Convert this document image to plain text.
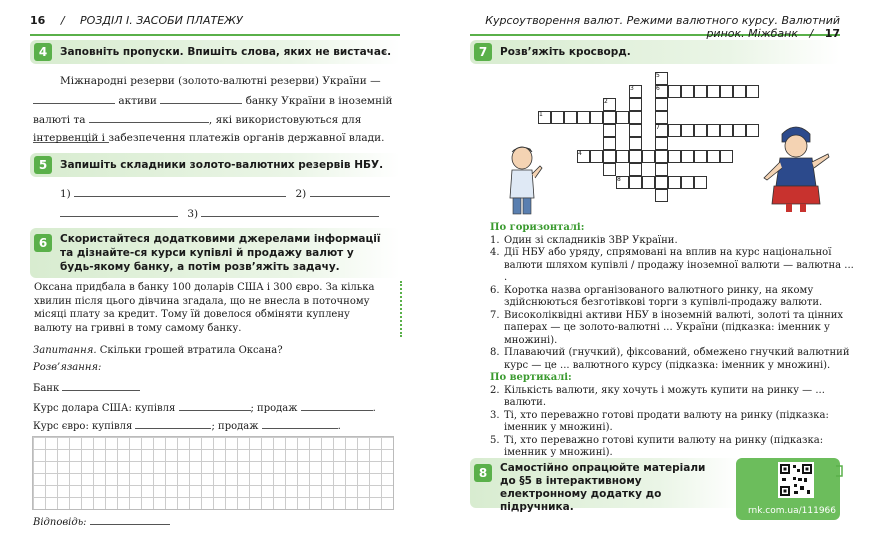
16 / РОЗДІЛ І. ЗАСОБИ ПЛАТЕЖУ
4	Заповніть пропуски. Впишіть слова, яких не вистачає.
Міжнародні резерви (золото-валютні резерви) України —
активи	банку України в іноземній
валюті та	, які використовуються для
інтервенцій і забезпечення платежів органів державної влади.
5	Запишіть складники золото-валютних резервів НБУ.
1)	2)
3)
6	Скористайтеся додатковими джерелами інформації та дізнайте-ся курси купівлі й продажу валют у будь-якому банку, а потім розв’яжіть задачу.
Оксана придбала в банку 100 доларів США і 300 євро. За кілька хвилин після цього дівчина згадала, що не внесла в поточному місяці плату за кредит. Тому їй довелося обміняти куплену валюту на гривні в тому самому банку.
Запитання. Скільки грошей втратила Оксана?
Розв’язання:
Банк
Курс долара США: купівля	; продаж	.
Курс євро: купівля	; продаж	.
Відповідь:
Курсоутворення валют. Режими валютного курсу. Валютний ринок. Міжбанк / 17
7	Розв’яжіть кросворд.
1
2
3
4
5
6
7
8
По горизонталі:
1. Один зі складників ЗВР України.
4. Дії НБУ або уряду, спрямовані на вплив на курс національної валюти шляхом купівлі / продажу іноземної валюти — валютна ... .
6. Коротка назва організованого валютного ринку, на якому здійснюються безготівкові торги з купівлі-продажу валюти.
7. Високоліквідні активи НБУ в іноземній валюті, золоті та цінних паперах — це золото-валютні ... України (підказка: іменник у множині).
8. Плаваючий (гнучкий), фіксований, обмежено гнучкий валютний курс — це ... валютного курсу (підказка: іменник у множині).
По вертикалі:
2. Кількість валюти, яку хочуть і можуть купити на ринку — ... валюти.
3. Ті, хто переважно готові продати валюту на ринку (підказка: іменник у множині).
5. Ті, хто переважно готові купити валюту на ринку (підказка: іменник у множині).
8	Самостійно опрацюйте матеріали до §5 в інтерактивному електронному додатку до підручника.	rnk.com.ua/111966
